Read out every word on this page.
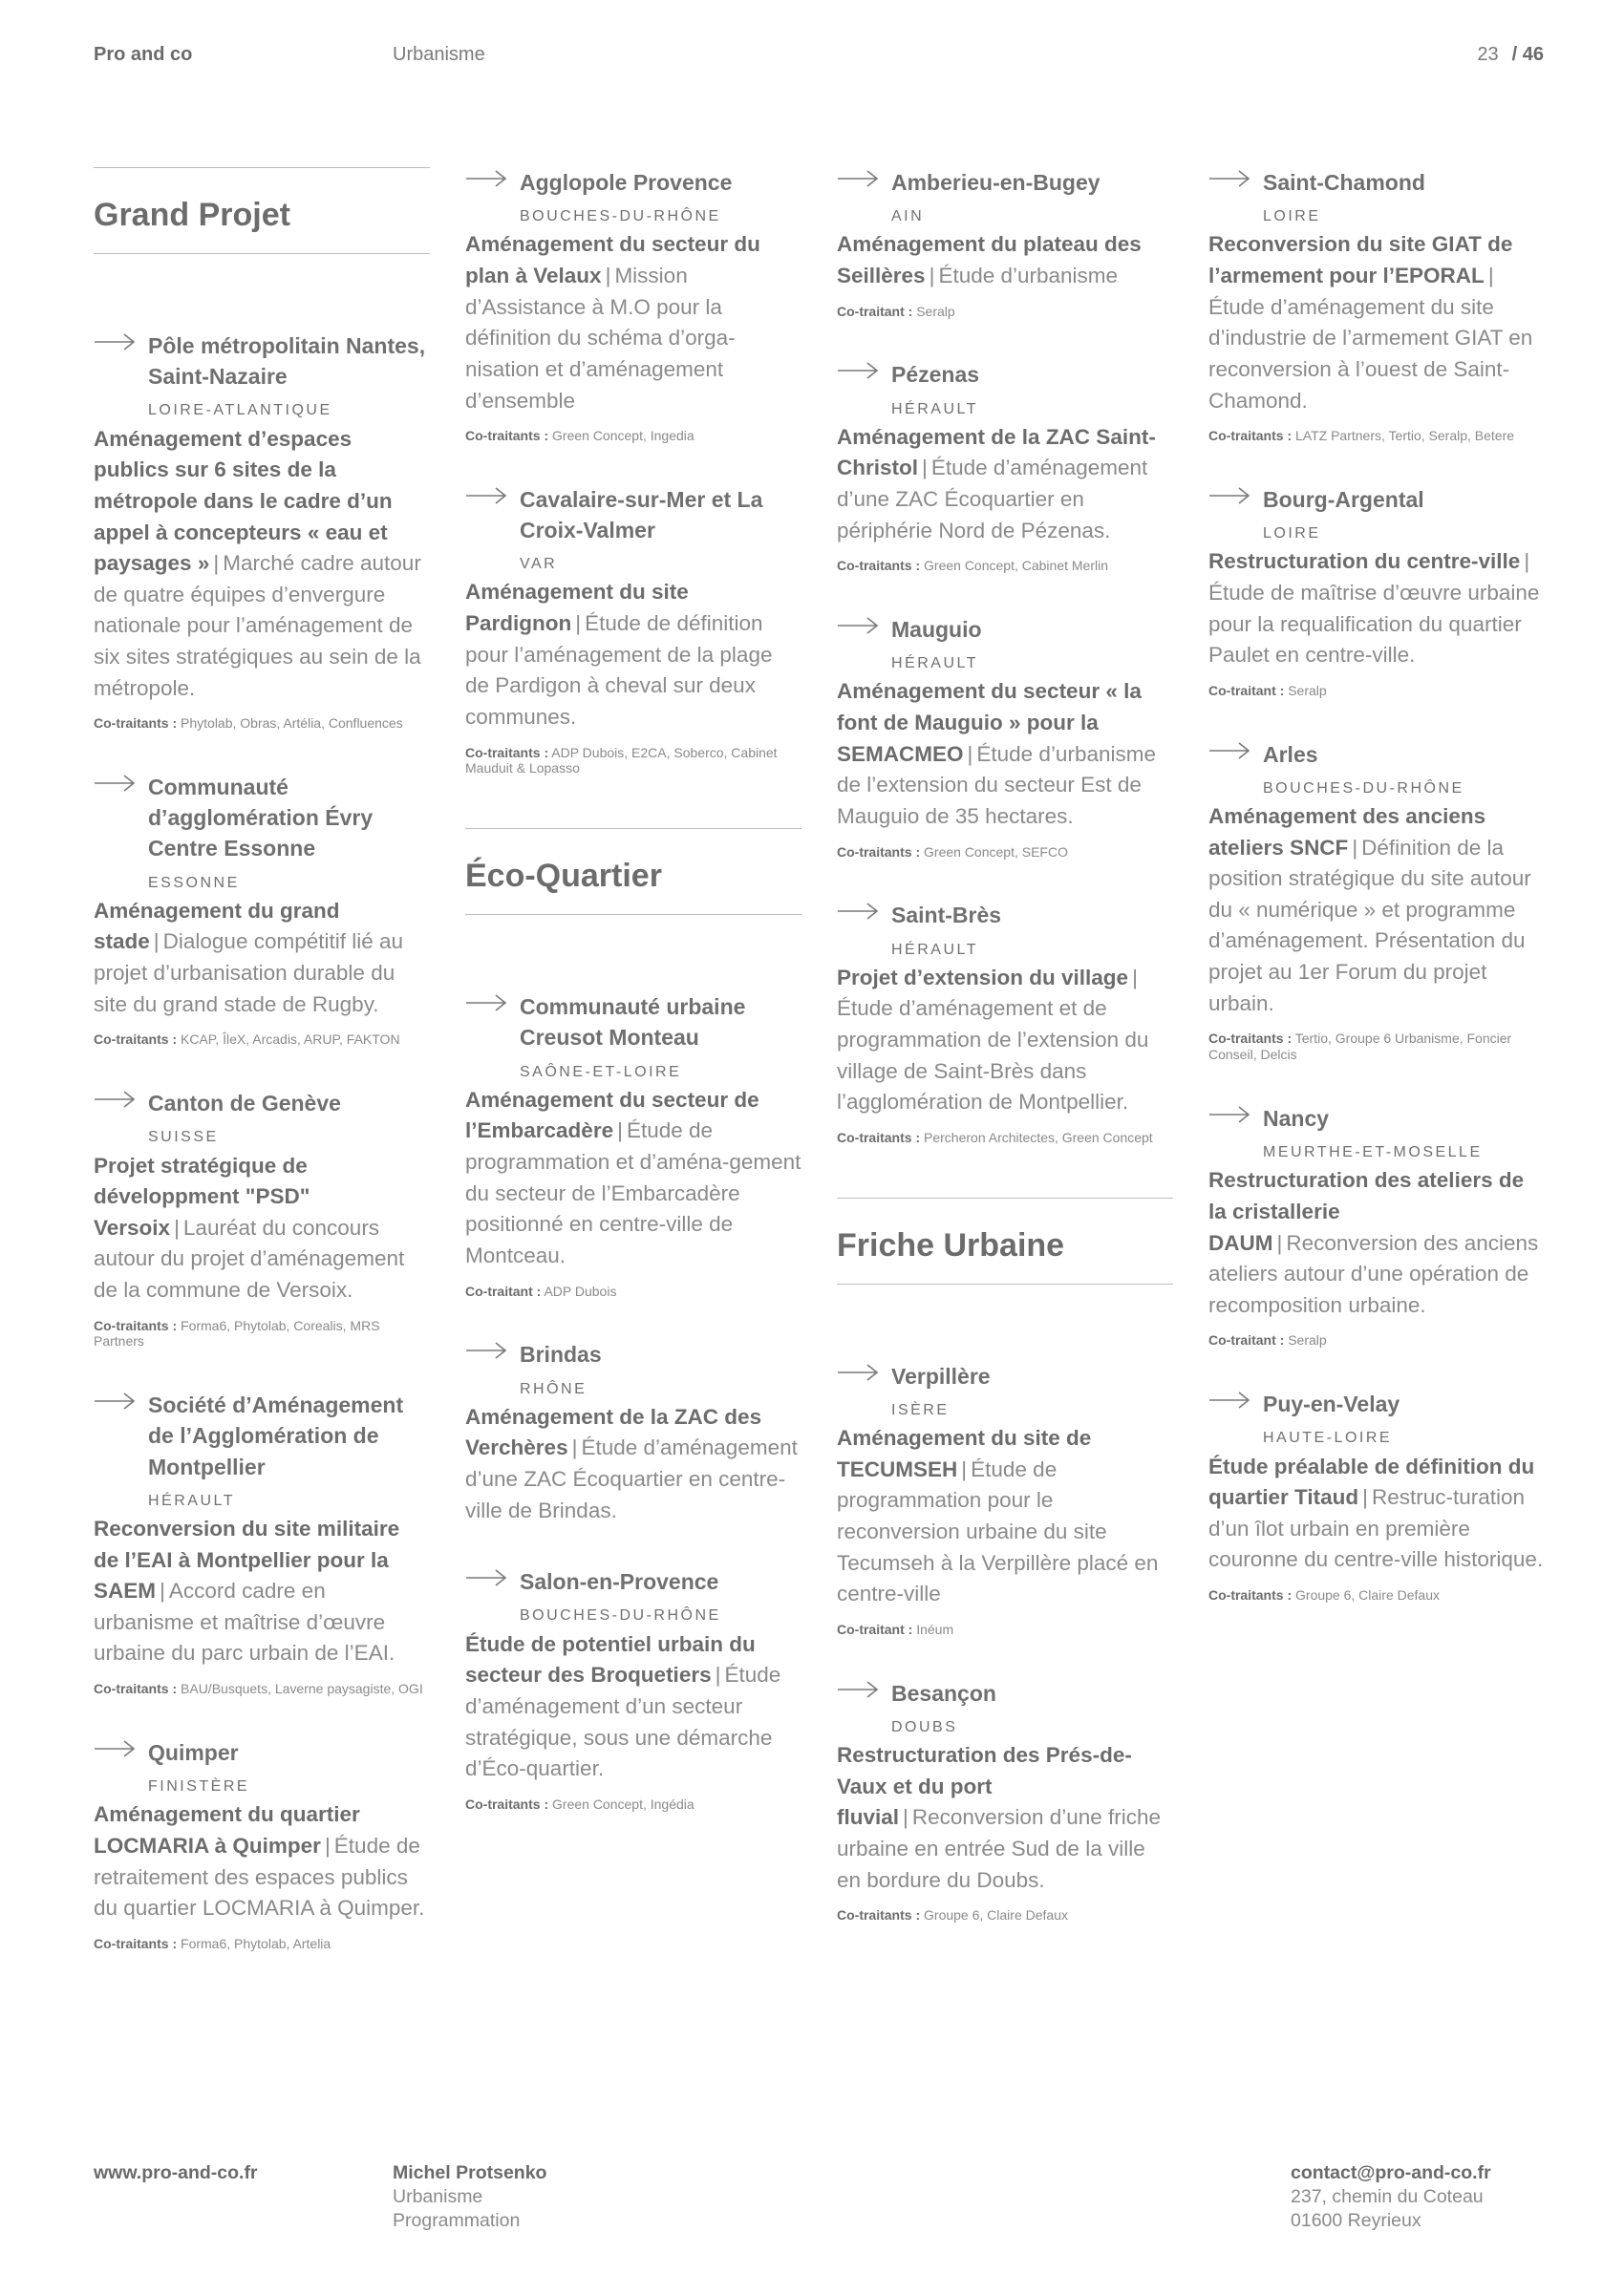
Pro and co	Urbanisme	23 / 46
Grand Projet
Pôle métropolitain Nantes, Saint-Nazaire
LOIRE-ATLANTIQUE
Aménagement d’espaces publics sur 6 sites de la métropole dans le cadre d’un appel à concepteurs « eau et paysages » | Marché cadre autour de quatre équipes d’envergure nationale pour l’aménagement de six sites stratégiques au sein de la métropole.
Co-traitants : Phytolab, Obras, Artélia, Confluences
Communauté d’agglomération Évry Centre Essonne
ESSONNE
Aménagement du grand stade | Dialogue compétitif lié au projet d’urbanisation durable du site du grand stade de Rugby.
Co-traitants : KCAP, ÎleX, Arcadis, ARUP, FAKTON
Canton de Genève
SUISSE
Projet stratégique de développment "PSD" Versoix | Lauréat du concours autour du projet d’aménagement de la commune de Versoix.
Co-traitants : Forma6, Phytolab, Corealis, MRS Partners
Société d’Aménagement de l’Agglomération de Montpellier
HÉRAULT
Reconversion du site militaire de l’EAI à Montpellier pour la SAEM | Accord cadre en urbanisme et maîtrise d’œuvre urbaine du parc urbain de l’EAI.
Co-traitants : BAU/Busquets, Laverne paysagiste, OGI
Quimper
FINISTÈRE
Aménagement du quartier LOCMARIA à Quimper | Étude de retraitement des espaces publics du quartier LOCMARIA à Quimper.
Co-traitants : Forma6, Phytolab, Artelia
Agglopole Provence
BOUCHES-DU-RHÔNE
Aménagement du secteur du plan à Velaux | Mission d’Assistance à M.O pour la définition du schéma d’orga-nisation et d’aménagement d’ensemble
Co-traitants : Green Concept, Ingedia
Cavalaire-sur-Mer et La Croix-Valmer
VAR
Aménagement du site Pardignon | Étude de définition pour l’aménagement de la plage de Pardigon à cheval sur deux communes.
Co-traitants : ADP Dubois, E2CA, Soberco, Cabinet Mauduit & Lopasso
Éco-Quartier
Communauté urbaine Creusot Monteau
SAÔNE-ET-LOIRE
Aménagement du secteur de l’Embarcadère | Étude de programmation et d’aména-gement du secteur de l’Embarcadère positionné en centre-ville de Montceau.
Co-traitant : ADP Dubois
Brindas
RHÔNE
Aménagement de la ZAC des Verchères | Étude d’aménagement d’une ZAC Écoquartier en centre-ville de Brindas.
Salon-en-Provence
BOUCHES-DU-RHÔNE
Étude de potentiel urbain du secteur des Broquetiers | Étude d’aménagement d’un secteur stratégique, sous une démarche d’Éco-quartier.
Co-traitants : Green Concept, Ingédia
Amberieu-en-Bugey
AIN
Aménagement du plateau des Seillères | Étude d’urbanisme
Co-traitant : Seralp
Pézenas
HÉRAULT
Aménagement de la ZAC Saint-Christol | Étude d’aménagement d’une ZAC Écoquartier en périphérie Nord de Pézenas.
Co-traitants : Green Concept, Cabinet Merlin
Mauguio
HÉRAULT
Aménagement du secteur « la font de Mauguio » pour la SEMACMEO | Étude d’urbanisme de l’extension du secteur Est de Mauguio de 35 hectares.
Co-traitants : Green Concept, SEFCO
Saint-Brès
HÉRAULT
Projet d’extension du village |Étude d’aménagement et de programmation de l’extension du village de Saint-Brès dans l’agglomération de Montpellier.
Co-traitants : Percheron Architectes, Green Concept
Friche Urbaine
Verpillère
ISÈRE
Aménagement du site de TECUMSEH | Étude de programmation pour le reconversion urbaine du site Tecumseh à la Verpillère placé en centre-ville
Co-traitant : Inéum
Besançon
DOUBS
Restructuration des Prés-de-Vaux et du port fluvial | Reconversion d’une friche urbaine en entrée Sud de la ville en bordure du Doubs.
Co-traitants : Groupe 6, Claire Defaux
Saint-Chamond
LOIRE
Reconversion du site GIAT de l’armement pour l’EPORAL |Étude d’aménagement du site d’industrie de l’armement GIAT en reconversion à l’ouest de Saint-Chamond.
Co-traitants : LATZ Partners, Tertio, Seralp, Betere
Bourg-Argental
LOIRE
Restructuration du centre-ville |Étude de maîtrise d’œuvre urbaine pour la requalification du quartier Paulet en centre-ville.
Co-traitant : Seralp
Arles
BOUCHES-DU-RHÔNE
Aménagement des anciens ateliers SNCF | Définition de la position stratégique du site autour du « numérique » et programme d’aménagement. Présentation du projet au 1er Forum du projet urbain.
Co-traitants : Tertio, Groupe 6 Urbanisme, Foncier Conseil, Delcis
Nancy
MEURTHE-ET-MOSELLE
Restructuration des ateliers de la cristallerie DAUM | Reconversion des anciens ateliers autour d’une opération de recomposition urbaine.
Co-traitant : Seralp
Puy-en-Velay
HAUTE-LOIRE
Étude préalable de définition du quartier Titaud | Restruc-turation d’un îlot urbain en première couronne du centre-ville historique.
Co-traitants : Groupe 6, Claire Defaux
www.pro-and-co.fr	Michel Protsenko
Urbanisme
Programmation
contact@pro-and-co.fr
237, chemin du Coteau
01600 Reyrieux
